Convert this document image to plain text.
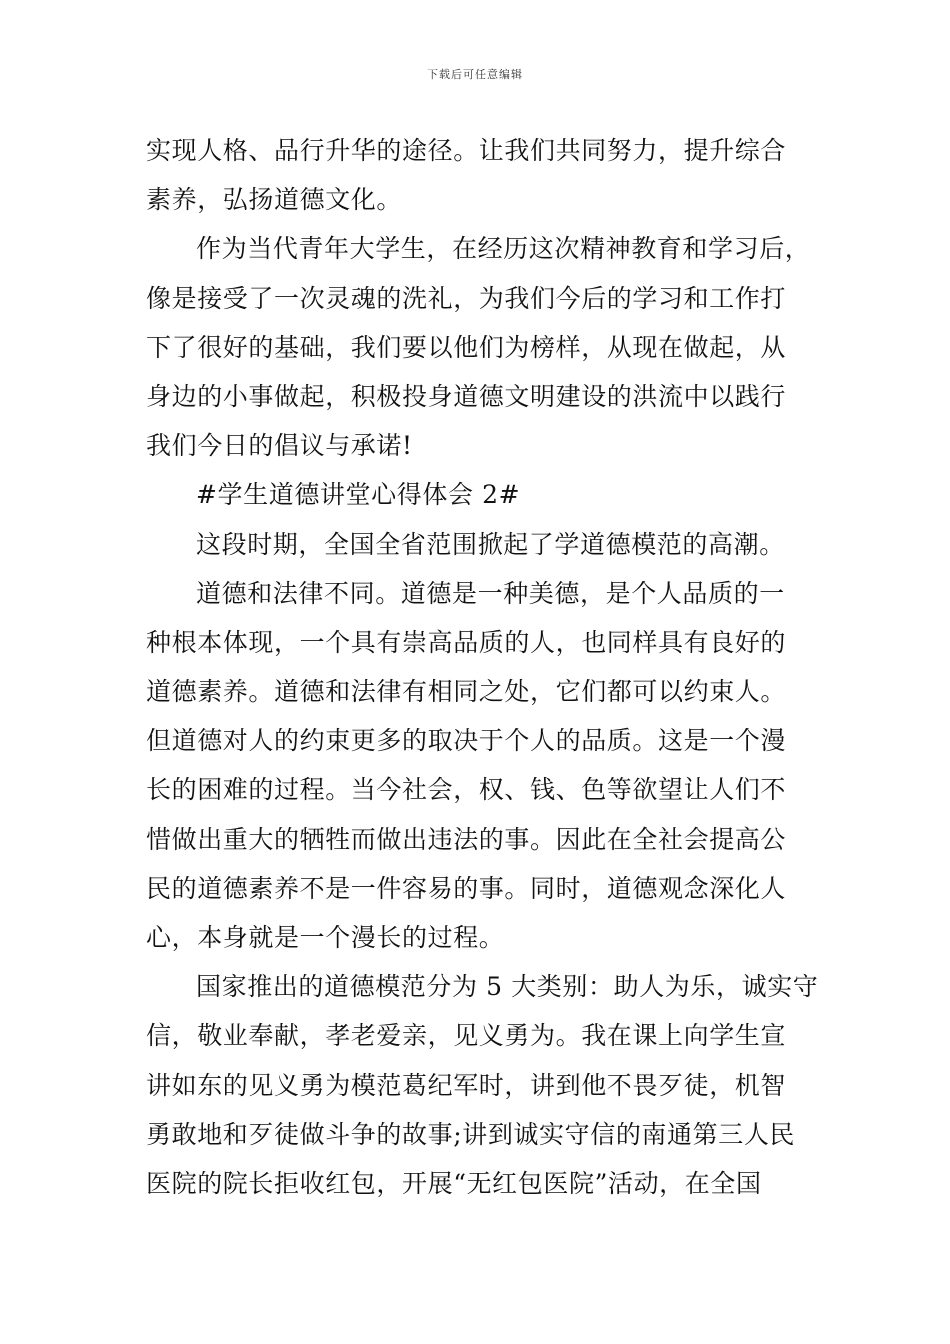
下载后可任意编辑
实现人格、品行升华的途径。让我们共同努力，提升综合
素养，弘扬道德文化。
作为当代青年大学生，在经历这次精神教育和学习后，
像是接受了一次灵魂的洗礼，为我们今后的学习和工作打
下了很好的基础，我们要以他们为榜样，从现在做起，从
身边的小事做起，积极投身道德文明建设的洪流中以践行
我们今日的倡议与承诺!
#学生道德讲堂心得体会 2#
这段时期，全国全省范围掀起了学道德模范的高潮。
道德和法律不同。道德是一种美德，是个人品质的一
种根本体现，一个具有崇高品质的人，也同样具有良好的
道德素养。道德和法律有相同之处，它们都可以约束人。
但道德对人的约束更多的取决于个人的品质。这是一个漫
长的困难的过程。当今社会，权、钱、色等欲望让人们不
惜做出重大的牺牲而做出违法的事。因此在全社会提高公
民的道德素养不是一件容易的事。同时，道德观念深化人
心，本身就是一个漫长的过程。
国家推出的道德模范分为 5 大类别：助人为乐，诚实守
信，敬业奉献，孝老爱亲，见义勇为。我在课上向学生宣
讲如东的见义勇为模范葛纪军时，讲到他不畏歹徒，机智
勇敢地和歹徒做斗争的故事;讲到诚实守信的南通第三人民
医院的院长拒收红包，开展“无红包医院”活动，在全国
